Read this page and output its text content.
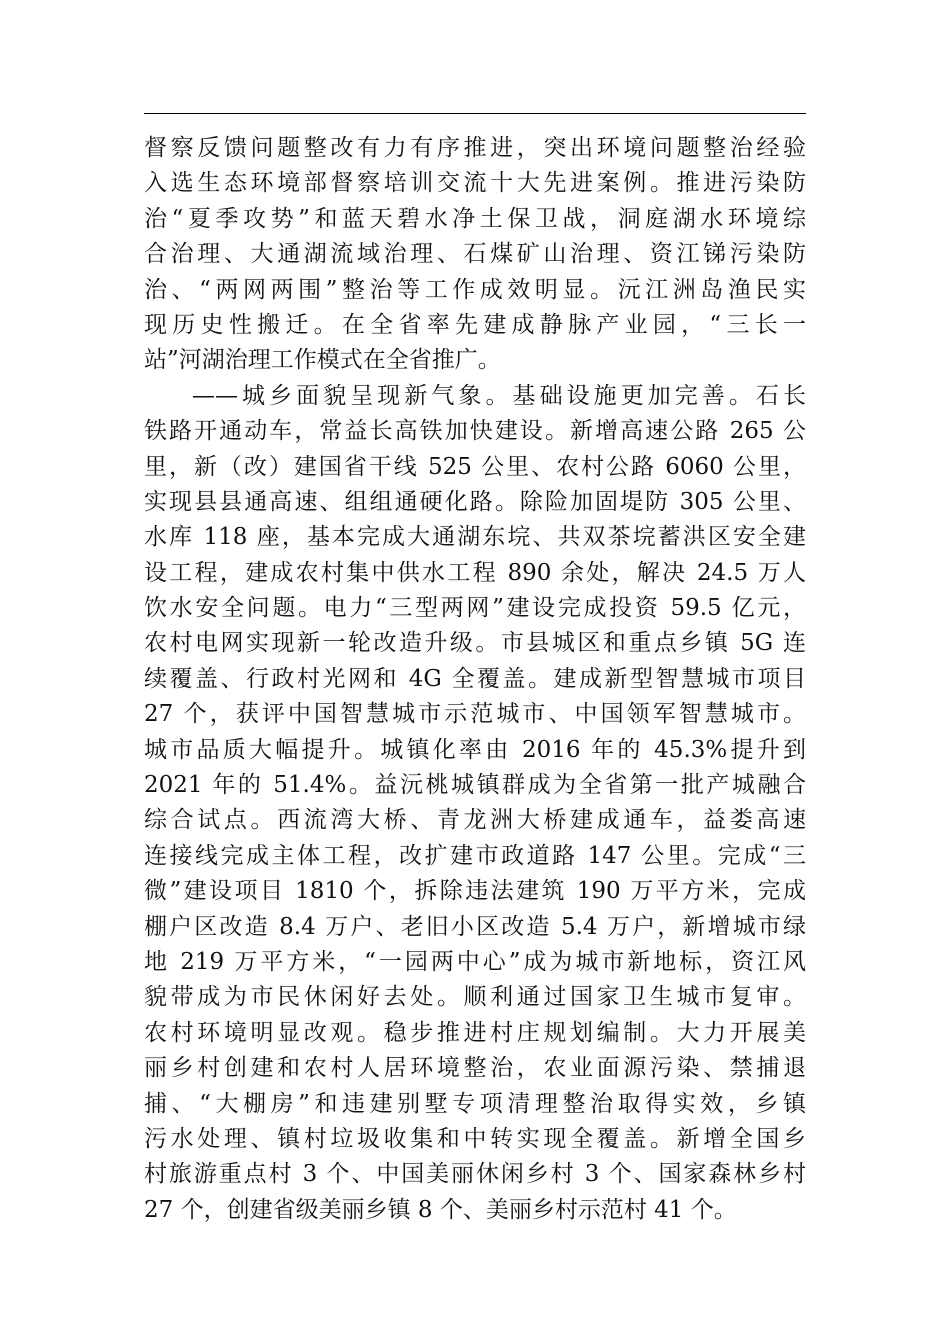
督察反馈问题整改有力有序推进，突出环境问题整治经验
入选生态环境部督察培训交流十大先进案例。推进污染防
治“夏季攻势”和蓝天碧水净土保卫战，洞庭湖水环境综
合治理、大通湖流域治理、石煤矿山治理、资江锑污染防
治、“两网两围”整治等工作成效明显。沅江洲岛渔民实
现历史性搬迁。在全省率先建成静脉产业园，“三长一
站”河湖治理工作模式在全省推广。
——城乡面貌呈现新气象。基础设施更加完善。石长
铁路开通动车，常益长高铁加快建设。新增高速公路 265 公
里，新（改）建国省干线 525 公里、农村公路 6060 公里，
实现县县通高速、组组通硬化路。除险加固堤防 305 公里、
水库 118 座，基本完成大通湖东垸、共双茶垸蓄洪区安全建
设工程，建成农村集中供水工程 890 余处，解决 24.5 万人
饮水安全问题。电力“三型两网”建设完成投资 59.5 亿元，
农村电网实现新一轮改造升级。市县城区和重点乡镇 5G 连
续覆盖、行政村光网和 4G 全覆盖。建成新型智慧城市项目
27 个，获评中国智慧城市示范城市、中国领军智慧城市。
城市品质大幅提升。城镇化率由 2016 年的 45.3%提升到
2021 年的 51.4%。益沅桃城镇群成为全省第一批产城融合
综合试点。西流湾大桥、青龙洲大桥建成通车，益娄高速
连接线完成主体工程，改扩建市政道路 147 公里。完成“三
微”建设项目 1810 个，拆除违法建筑 190 万平方米，完成
棚户区改造 8.4 万户、老旧小区改造 5.4 万户，新增城市绿
地 219 万平方米，“一园两中心”成为城市新地标，资江风
貌带成为市民休闲好去处。顺利通过国家卫生城市复审。
农村环境明显改观。稳步推进村庄规划编制。大力开展美
丽乡村创建和农村人居环境整治，农业面源污染、禁捕退
捕、“大棚房”和违建别墅专项清理整治取得实效，乡镇
污水处理、镇村垃圾收集和中转实现全覆盖。新增全国乡
村旅游重点村 3 个、中国美丽休闲乡村 3 个、国家森林乡村
27 个，创建省级美丽乡镇 8 个、美丽乡村示范村 41 个。
